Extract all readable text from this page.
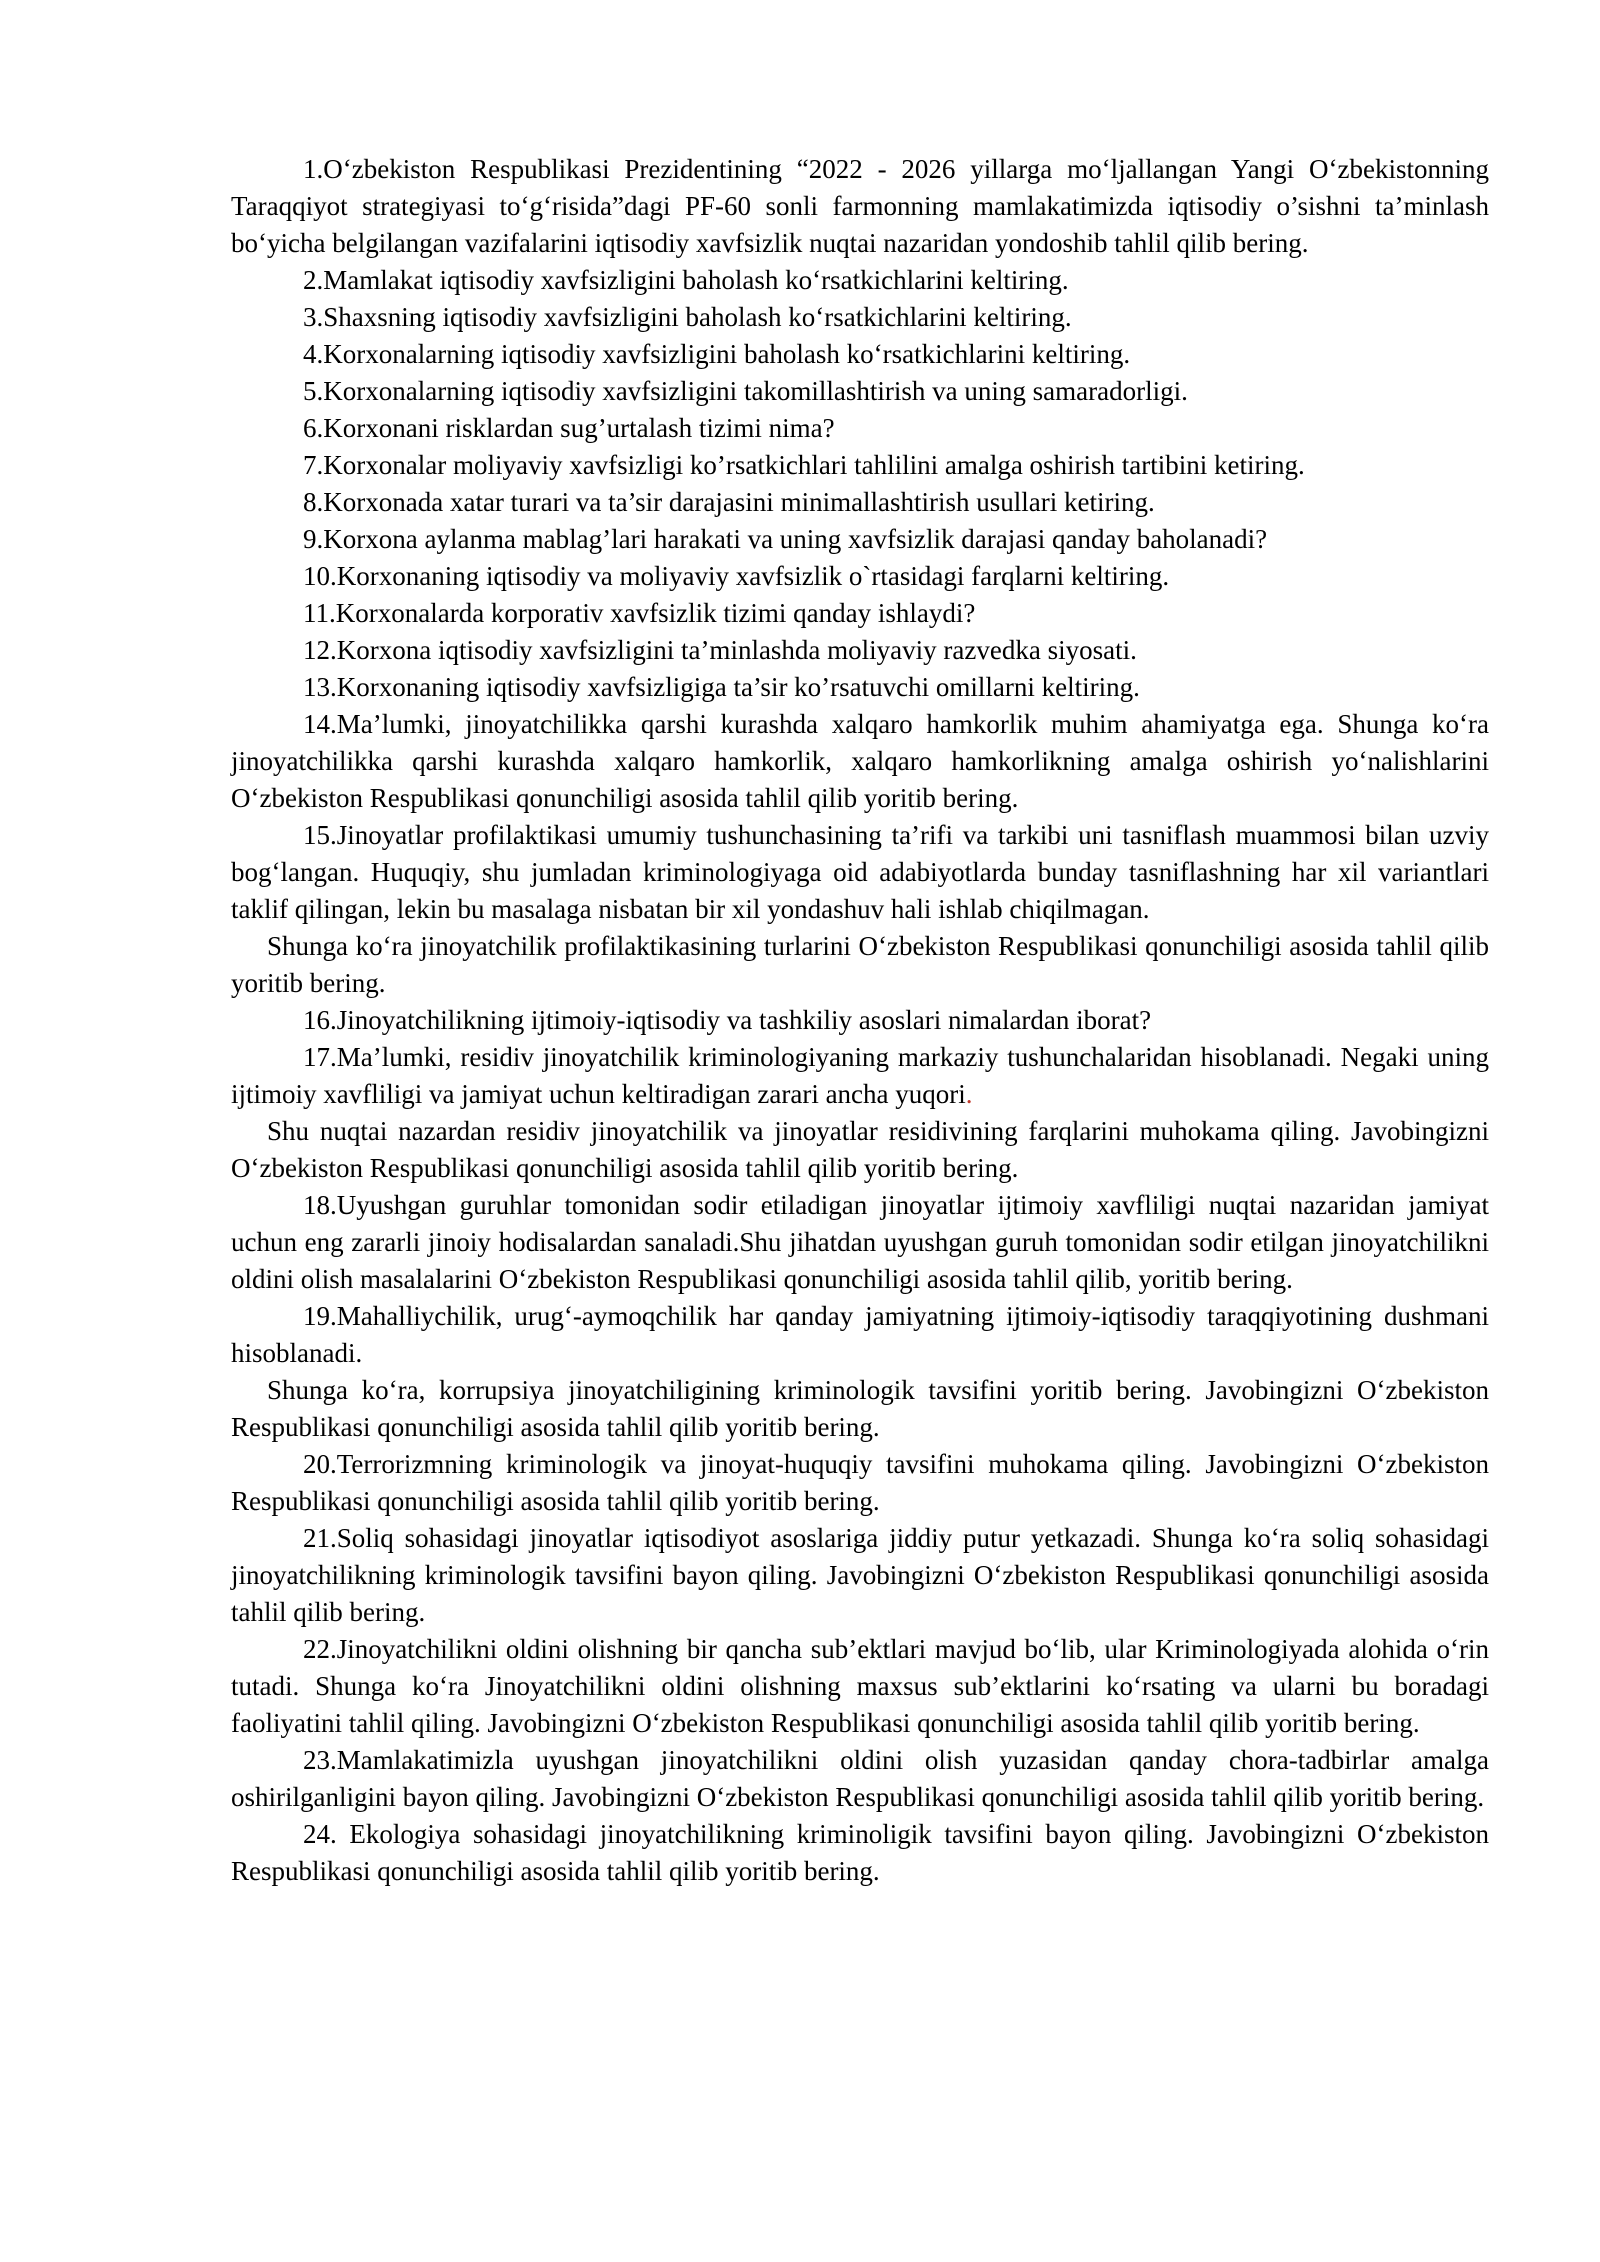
1.O‘zbekiston Respublikasi Prezidentining “2022 - 2026 yillarga mo‘ljallangan Yangi O‘zbekistonning Taraqqiyot strategiyasi to‘g‘risida”dagi PF-60 sonli farmonning mamlakatimizda iqtisodiy o’sishni ta’minlash bo‘yicha belgilangan vazifalarini iqtisodiy xavfsizlik nuqtai nazaridan yondoshib tahlil qilib bering.

2.Mamlakat iqtisodiy xavfsizligini baholash ko‘rsatkichlarini keltiring.

3.Shaxsning iqtisodiy xavfsizligini baholash ko‘rsatkichlarini keltiring.

4.Korxonalarning iqtisodiy xavfsizligini baholash ko‘rsatkichlarini keltiring.

5.Korxonalarning iqtisodiy xavfsizligini takomillashtirish va uning samaradorligi.

6.Korxonani risklardan sug’urtalash tizimi nima?

7.Korxonalar moliyaviy xavfsizligi ko’rsatkichlari tahlilini amalga oshirish tartibini ketiring.

8.Korxonada xatar turari va ta’sir darajasini minimallashtirish usullari ketiring.

9.Korxona aylanma mablag’lari harakati va uning xavfsizlik darajasi qanday baholanadi?

10.Korxonaning iqtisodiy va moliyaviy xavfsizlik o`rtasidagi farqlarni keltiring.

11.Korxonalarda korporativ xavfsizlik tizimi qanday ishlaydi?

12.Korxona iqtisodiy xavfsizligini ta’minlashda moliyaviy razvedka siyosati.

13.Korxonaning iqtisodiy xavfsizligiga ta’sir ko’rsatuvchi omillarni keltiring.

14.Ma’lumki, jinoyatchilikka qarshi kurashda xalqaro hamkorlik muhim ahamiyatga ega. Shunga ko‘ra jinoyatchilikka qarshi kurashda xalqaro hamkorlik, xalqaro hamkorlikning amalga oshirish yo‘nalishlarini O‘zbekiston Respublikasi qonunchiligi asosida tahlil qilib yoritib bering.

15.Jinoyatlar profilaktikasi umumiy tushunchasining ta’rifi va tarkibi uni tasniflash muammosi bilan uzviy bog‘langan. Huquqiy, shu jumladan kriminologiyaga oid adabiyotlarda bunday tasniflashning har xil variantlari taklif qilingan, lekin bu masalaga nisbatan bir xil yondashuv hali ishlab chiqilmagan.

Shunga ko‘ra jinoyatchilik profilaktikasining turlarini O‘zbekiston Respublikasi qonunchiligi asosida tahlil qilib yoritib bering.

16.Jinoyatchilikning ijtimoiy-iqtisodiy va tashkiliy asoslari nimalardan iborat?

17.Ma’lumki, residiv jinoyatchilik kriminologiyaning markaziy tushunchalaridan hisoblanadi. Negaki uning ijtimoiy xavfliligi va jamiyat uchun keltiradigan zarari ancha yuqori.

Shu nuqtai nazardan residiv jinoyatchilik va jinoyatlar residivining farqlarini muhokama qiling. Javobingizni O‘zbekiston Respublikasi qonunchiligi asosida tahlil qilib yoritib bering.

18.Uyushgan guruhlar tomonidan sodir etiladigan jinoyatlar ijtimoiy xavfliligi nuqtai nazaridan jamiyat uchun eng zararli jinoiy hodisalardan sanaladi.Shu jihatdan uyushgan guruh tomonidan sodir etilgan jinoyatchilikni oldini olish masalalarini O‘zbekiston Respublikasi qonunchiligi asosida tahlil qilib, yoritib bering.

19.Mahalliychilik, urug‘-aymoqchilik har qanday jamiyatning ijtimoiy-iqtisodiy taraqqiyotining dushmani hisoblanadi.

Shunga ko‘ra, korrupsiya jinoyatchiligining kriminologik tavsifini yoritib bering. Javobingizni O‘zbekiston Respublikasi qonunchiligi asosida tahlil qilib yoritib bering.

20.Terrorizmning kriminologik va jinoyat-huquqiy tavsifini muhokama qiling. Javobingizni O‘zbekiston Respublikasi qonunchiligi asosida tahlil qilib yoritib bering.

21.Soliq sohasidagi jinoyatlar iqtisodiyot asoslariga jiddiy putur yetkazadi. Shunga ko‘ra soliq sohasidagi jinoyatchilikning kriminologik tavsifini bayon qiling. Javobingizni O‘zbekiston Respublikasi qonunchiligi asosida tahlil qilib bering.

22.Jinoyatchilikni oldini olishning bir qancha sub’ektlari mavjud bo‘lib, ular Kriminologiyada alohida o‘rin tutadi. Shunga ko‘ra Jinoyatchilikni oldini olishning maxsus sub’ektlarini ko‘rsating va ularni bu boradagi faoliyatini tahlil qiling. Javobingizni O‘zbekiston Respublikasi qonunchiligi asosida tahlil qilib yoritib bering.

23.Mamlakatimizla uyushgan jinoyatchilikni oldini olish yuzasidan qanday chora-tadbirlar amalga oshirilganligini bayon qiling. Javobingizni O‘zbekiston Respublikasi qonunchiligi asosida tahlil qilib yoritib bering.

24. Ekologiya sohasidagi jinoyatchilikning kriminoligik tavsifini bayon qiling. Javobingizni O‘zbekiston Respublikasi qonunchiligi asosida tahlil qilib yoritib bering.
